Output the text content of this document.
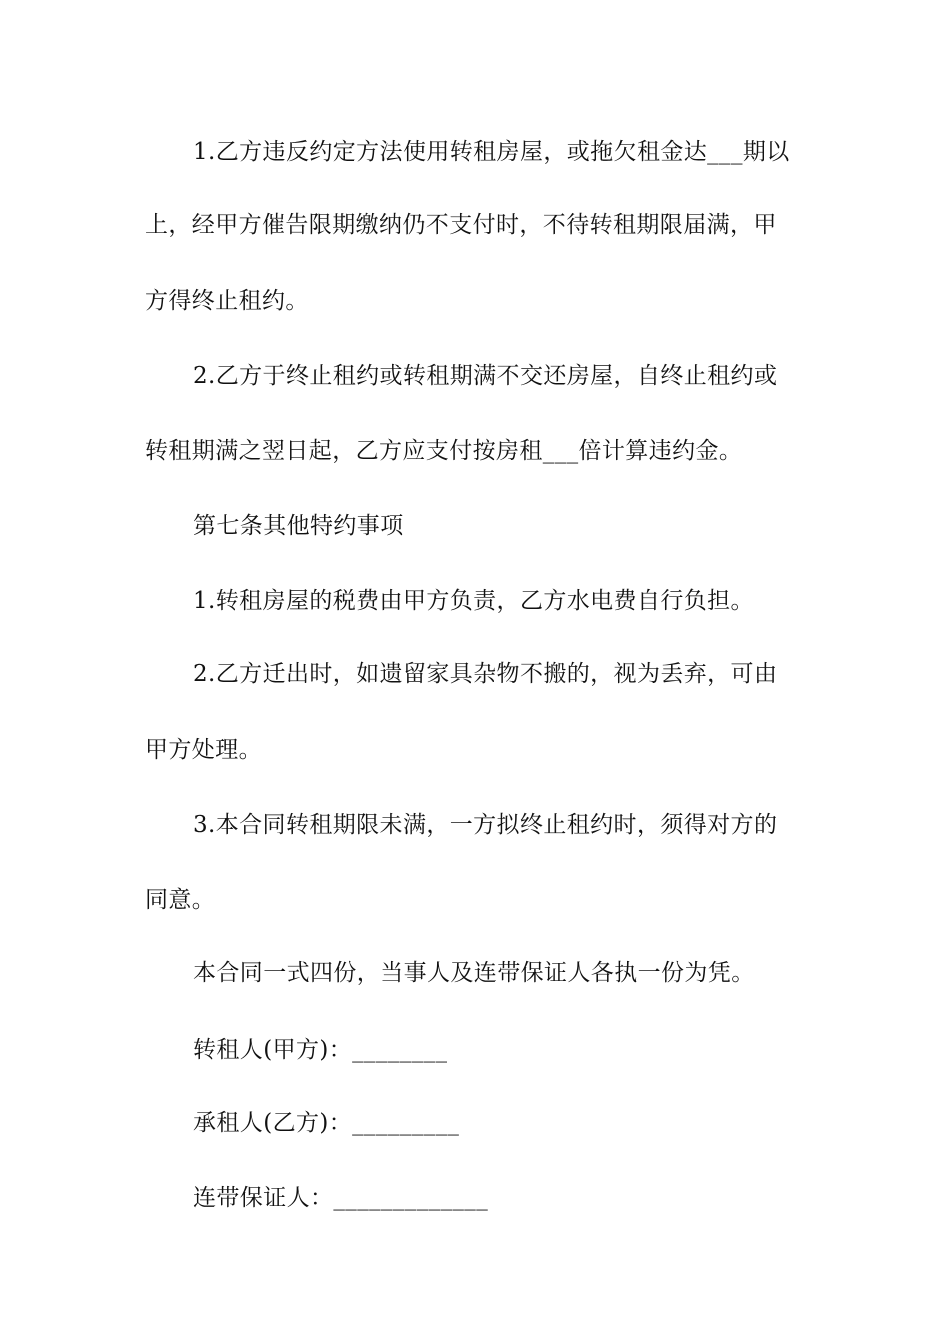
1.乙方违反约定方法使用转租房屋，或拖欠租金达___期以
上，经甲方催告限期缴纳仍不支付时，不待转租期限届满，甲
方得终止租约。
2.乙方于终止租约或转租期满不交还房屋，自终止租约或
转租期满之翌日起，乙方应支付按房租___倍计算违约金。
第七条其他特约事项
1.转租房屋的税费由甲方负责，乙方水电费自行负担。
2.乙方迁出时，如遗留家具杂物不搬的，视为丢弃，可由
甲方处理。
3.本合同转租期限未满，一方拟终止租约时，须得对方的
同意。
本合同一式四份，当事人及连带保证人各执一份为凭。
转租人(甲方)：________
承租人(乙方)：_________
连带保证人：_____________
